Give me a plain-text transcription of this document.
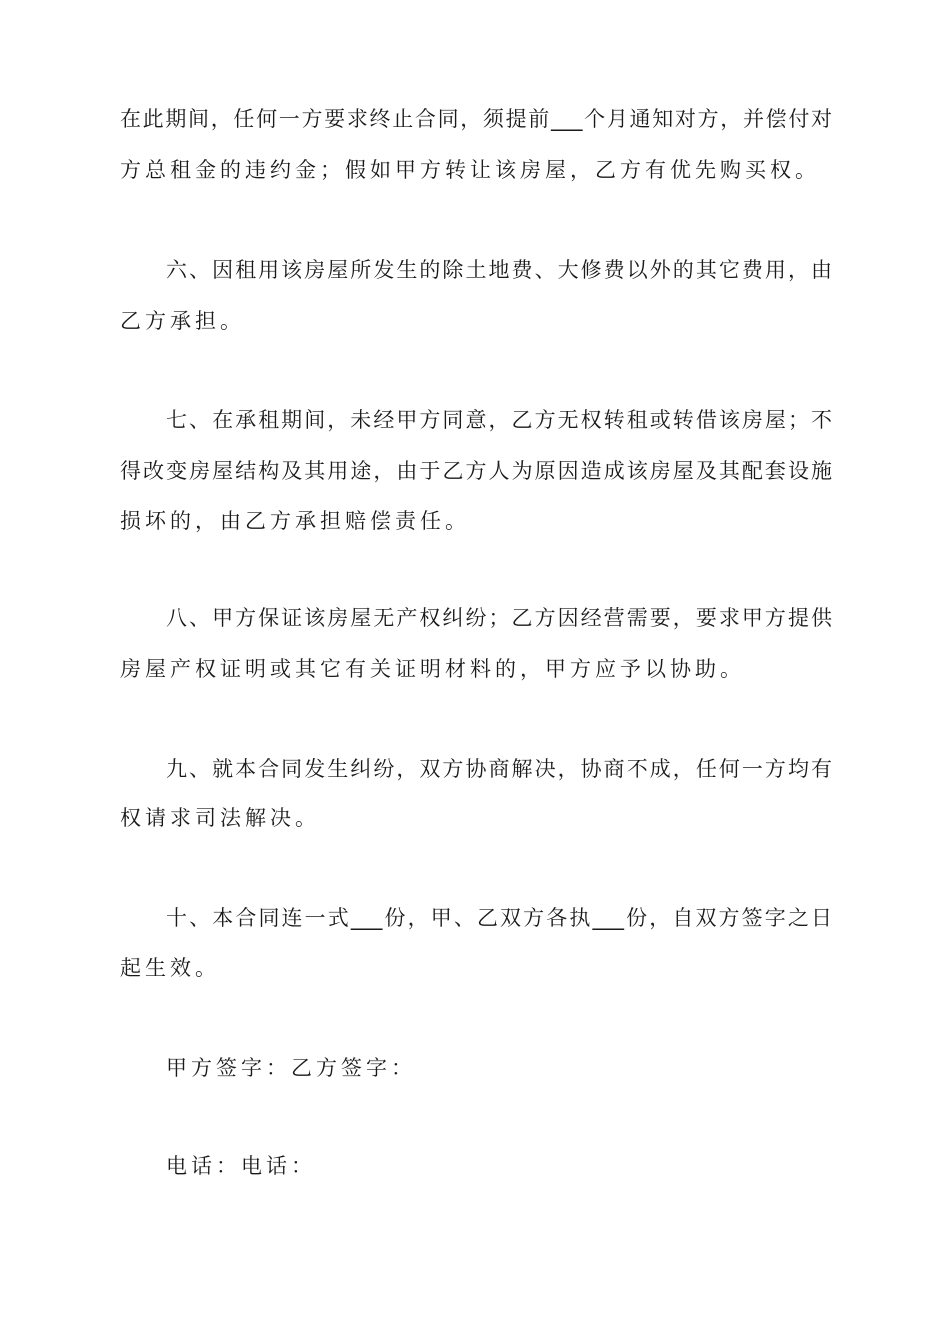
在此期间，任何一方要求终止合同，须提前___个月通知对方，并偿付对
方总租金的违约金；假如甲方转让该房屋，乙方有优先购买权。
六、因租用该房屋所发生的除土地费、大修费以外的其它费用，由
乙方承担。
七、在承租期间，未经甲方同意，乙方无权转租或转借该房屋；不
得改变房屋结构及其用途，由于乙方人为原因造成该房屋及其配套设施
损坏的，由乙方承担赔偿责任。
八、甲方保证该房屋无产权纠纷；乙方因经营需要，要求甲方提供
房屋产权证明或其它有关证明材料的，甲方应予以协助。
九、就本合同发生纠纷，双方协商解决，协商不成，任何一方均有
权请求司法解决。
十、本合同连一式___份，甲、乙双方各执___份，自双方签字之日
起生效。
甲方签字：乙方签字：
电话：电话：
